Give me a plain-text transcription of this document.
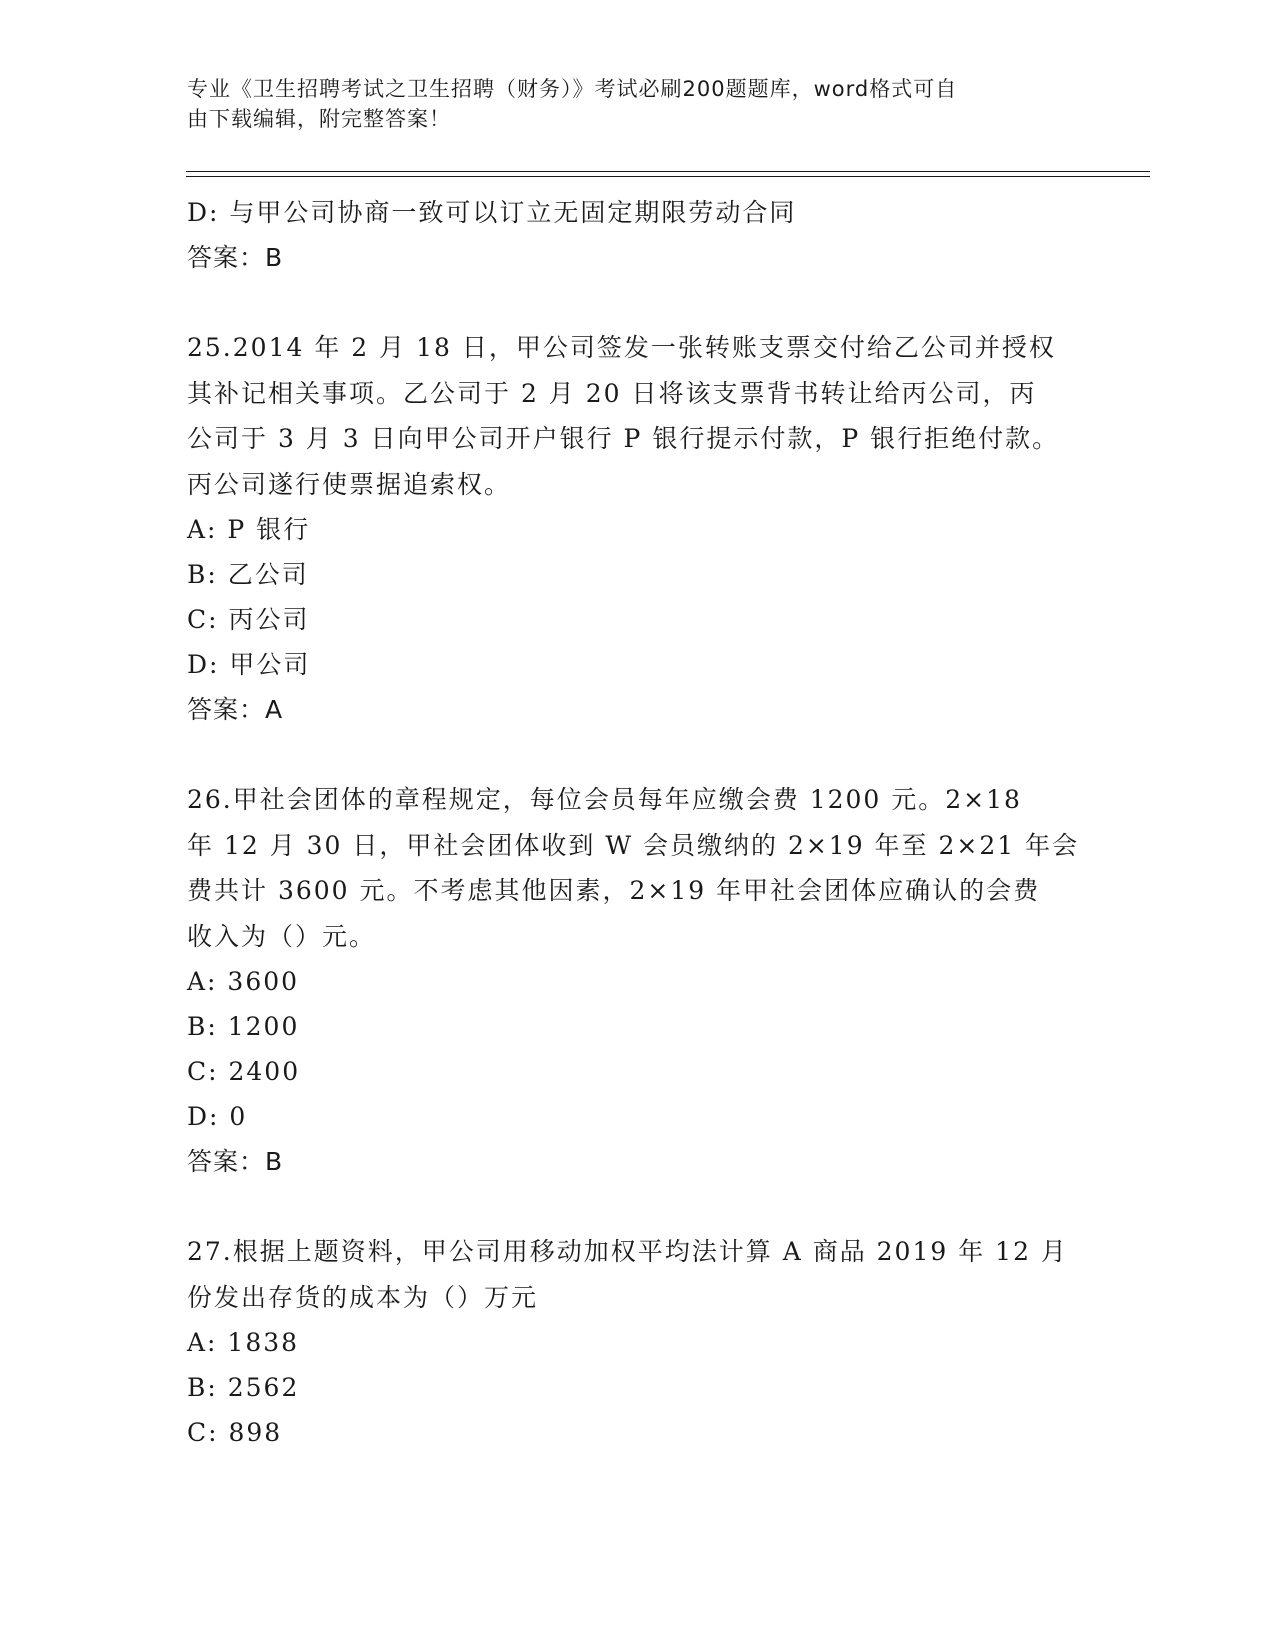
专业《卫生招聘考试之卫生招聘（财务）》考试必刷200题题库，word格式可自
由下载编辑，附完整答案！
D: 与甲公司协商一致可以订立无固定期限劳动合同
答案：B
25.2014 年 2 月 18 日，甲公司签发一张转账支票交付给乙公司并授权
其补记相关事项。乙公司于 2 月 20 日将该支票背书转让给丙公司，丙
公司于 3 月 3 日向甲公司开户银行 P 银行提示付款，P 银行拒绝付款。
丙公司遂行使票据追索权。
A: P 银行
B: 乙公司
C: 丙公司
D: 甲公司
答案：A
26.甲社会团体的章程规定，每位会员每年应缴会费 1200 元。2×18
年 12 月 30 日，甲社会团体收到 W 会员缴纳的 2×19 年至 2×21 年会
费共计 3600 元。不考虑其他因素，2×19 年甲社会团体应确认的会费
收入为（）元。
A: 3600
B: 1200
C: 2400
D: 0
答案：B
27.根据上题资料，甲公司用移动加权平均法计算 A 商品 2019 年 12 月
份发出存货的成本为（）万元
A: 1838
B: 2562
C: 898
